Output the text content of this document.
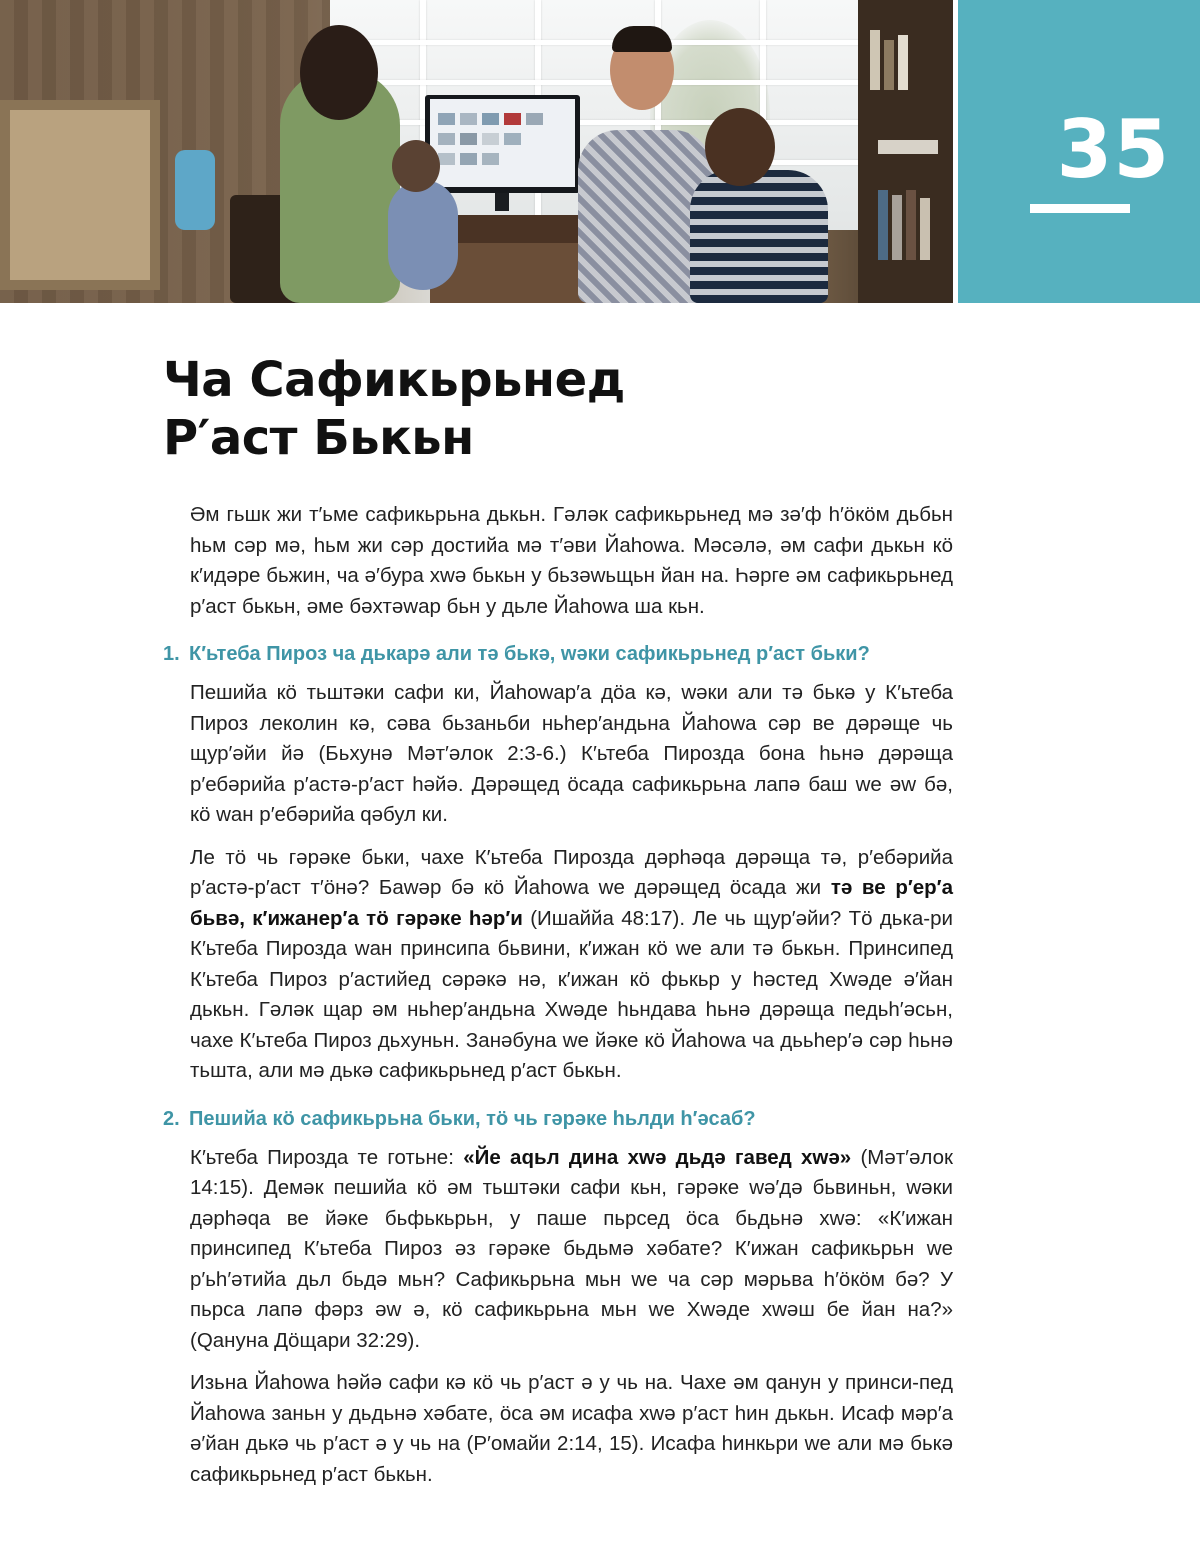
35
Ча Сафикьрьнед
Р′аст Бькьн

Əм гьшк жи т′ьме сафикьрьна дькьн. Гəлəк сафикьрьнед мə зə′ф һ′ӧкӧм дьбьн һьм сəр мə, һьм жи сəр достийа мə т′əви Йаһowa. Мəсəлə, əм сафи дькьн кӧ к′идəре бьжин, ча ə′бура хwə бькьн у бьзəwьщьн йан на. Һəрге əм сафикьрьнед р′аст бькьн, əме бəхтəwар бьн у дьле Йаһowa ша кьн.

1. К′ьтеба Пироз ча дькарə али тə бькə, wəки сафикьрьнед р′аст бьки?

Пешийа кӧ тьштəки сафи ки, Йаһowaр′а дӧа кə, wəки али тə бькə у К′ьтеба Пироз леколин кə, сəва бьзаньби ньһер′андьна Йаһowa сəр ве дəрəще чь щур′əйи йə (Бьхунə Мəт′əлок 2:3-6.) К′ьтеба Пирозда бона һьнə дəрəща р′ебəрийа р′астə-р′аст һəйə. Дəрəщед ӧсада сафикьрьна лапə баш wе əw бə, кӧ wан р′ебəрийа qəбул ки.

Ле тӧ чь гəрəке бьки, чахе К′ьтеба Пирозда дəрһəqа дəрəща тə, р′ебəрийа р′астə-р′аст т′ӧнə? Баwəр бə кӧ Йаһowa wе дəрəщед ӧсада жи тə ве р′ер′а бьвə, к′ижанер′а тӧ гəрəке һəр′и (Ишаййа 48:17). Ле чь щур′əйи? Тӧ дька-ри К′ьтеба Пирозда wан принсипа бьвини, к′ижан кӧ wе али тə бькьн. Принсипед К′ьтеба Пироз р′астийед сəрəкə нə, к′ижан кӧ фькьр у һəстед Хwəде ə′йан дькьн. Гəлəк щар əм ньһер′андьна Хwəде һьндава һьнə дəрəща педьһ′əсьн, чахе К′ьтеба Пироз дьхуньн. Занəбуна wе йəке кӧ Йаһowa ча дььһер′ə сəр һьнə тьшта, али мə дькə сафикьрьнед р′аст бькьн.

2. Пешийа кӧ сафикьрьна бьки, тӧ чь гəрəке һьлди һ′əсаб?

К′ьтеба Пирозда те готьне: «Йе аqьл дина хwə дьдə гавед хwə» (Мəт′əлок 14:15). Демəк пешийа кӧ əм тьштəки сафи кьн, гəрəке wə′дə бьвиньн, wəки дəрһəqа ве йəке бьфькьрьн, у паше пьрсед ӧса бьдьнə хwə: «К′ижан принсипед К′ьтеба Пироз əз гəрəке бьдьмə хəбате? К′ижан сафикьрьн wе р′ьһ′əтийа дьл бьдə мьн? Сафикьрьна мьн wе ча сəр мəрьва һ′ӧкӧм бə? У пьрса лапə фəрз əw ə, кӧ сафикьрьна мьн wе Хwəде хwəш бе йан на?» (Qануна Дӧщари 32:29).

Изьна Йаһowa һəйə сафи кə кӧ чь р′аст ə у чь на. Чахе əм qанун у принси-пед Йаһowa заньн у дьдьнə хəбате, ӧса əм исафа хwə р′аст һин дькьн. Исаф мəр′а ə′йан дькə чь р′аст ə у чь на (Р′омайи 2:14, 15). Исафа һинкьри wе али мə бькə сафикьрьнед р′аст бькьн.
